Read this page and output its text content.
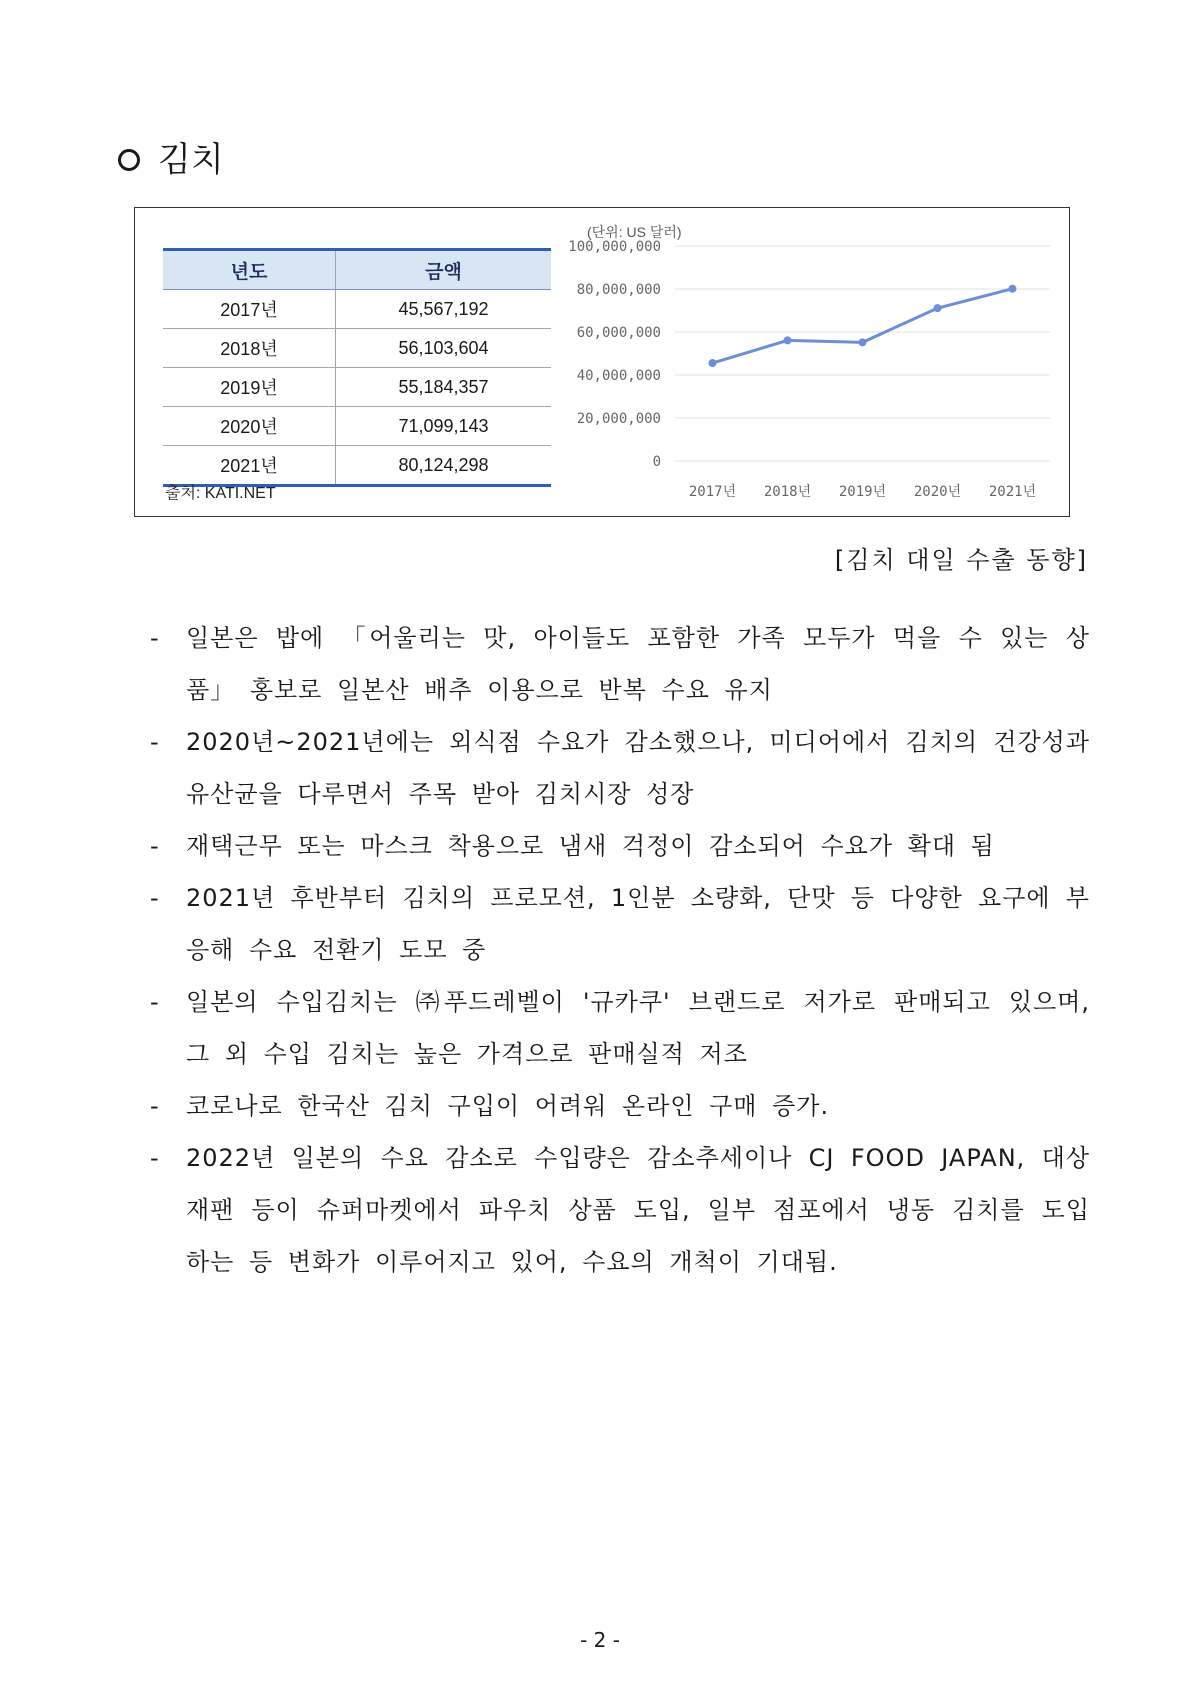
김치
(단위: US 달러)
년도	금액
2017년	45,567,192
2018년	56,103,604
2019년	55,184,357
2020년	71,099,143
2021년	80,124,298
출처: KATI.NET
0
20,000,000
40,000,000
60,000,000
80,000,000
100,000,000
2017년 2018년 2019년 2020년 2021년
[김치 대일 수출 동향]
- 일본은 밥에 「어울리는 맛, 아이들도 포함한 가족 모두가 먹을 수 있는 상품」 홍보로 일본산 배추 이용으로 반복 수요 유지
- 2020년~2021년에는 외식점 수요가 감소했으나, 미디어에서 김치의 건강성과 유산균을 다루면서 주목 받아 김치시장 성장
- 재택근무 또는 마스크 착용으로 냄새 걱정이 감소되어 수요가 확대 됨
- 2021년 후반부터 김치의 프로모션, 1인분 소량화, 단맛 등 다양한 요구에 부응해 수요 전환기 도모 중
- 일본의 수입김치는 ㈜푸드레벨이 '규카쿠' 브랜드로 저가로 판매되고 있으며, 그 외 수입 김치는 높은 가격으로 판매실적 저조
- 코로나로 한국산 김치 구입이 어려워 온라인 구매 증가.
- 2022년 일본의 수요 감소로 수입량은 감소추세이나 CJ FOOD JAPAN, 대상 재팬 등이 슈퍼마켓에서 파우치 상품 도입, 일부 점포에서 냉동 김치를 도입하는 등 변화가 이루어지고 있어, 수요의 개척이 기대됨.
- 2 -
